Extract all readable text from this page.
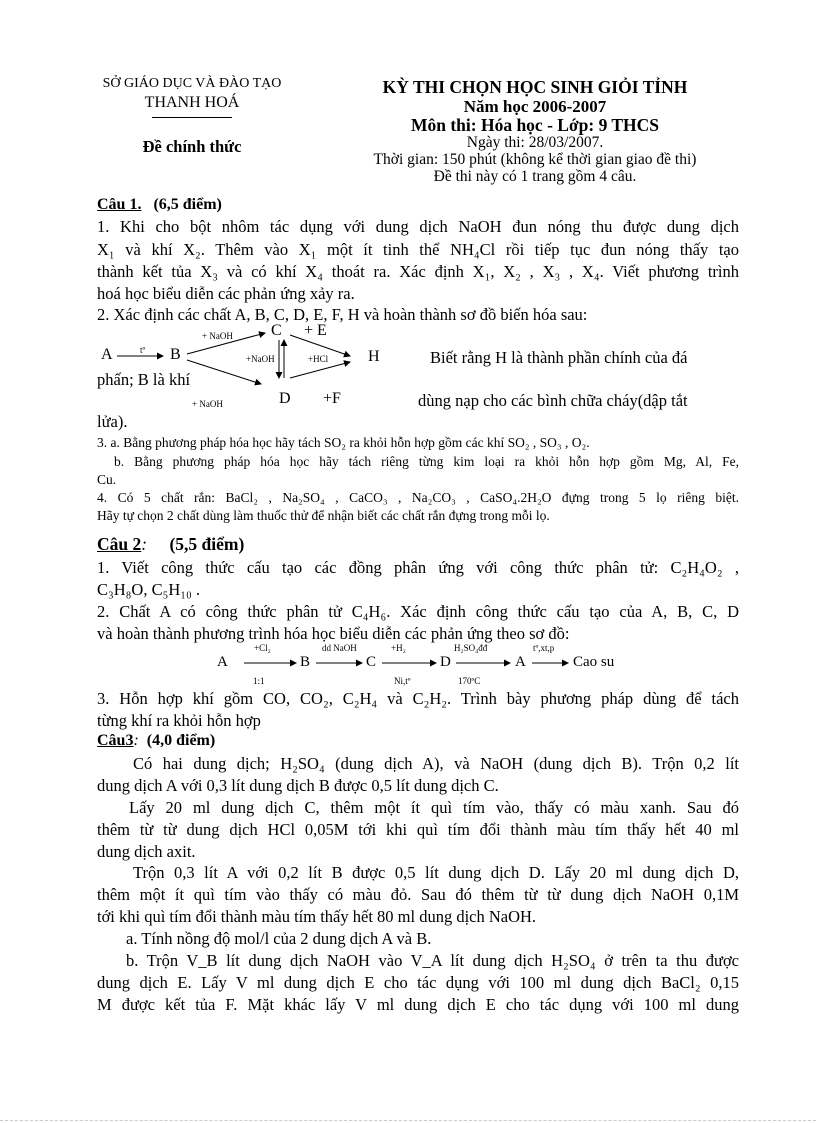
SỞ GIÁO DỤC VÀ ĐÀO TẠO
THANH HOÁ
Đề chính thức
KỲ THI CHỌN HỌC SINH GIỎI TỈNH
Năm học 2006-2007
Môn thi: Hóa học - Lớp: 9 THCS
Ngày thi: 28/03/2007.
Thời gian: 150 phút (không kể thời gian giao đề thi)
Đề thi này có 1 trang gồm 4 câu.
Câu 1. (6,5 điểm)
1. Khi cho bột nhôm tác dụng với dung dịch NaOH đun nóng thu được dung dịch
X₁ và khí X₂. Thêm vào X₁ một ít tinh thể NH₄Cl rồi tiếp tục đun nóng thấy tạo
thành kết tủa X₃ và có khí X₄ thoát ra. Xác định X₁, X₂ , X₃ , X₄. Viết phương trình
hoá học biểu diễn các phản ứng xảy ra.
2. Xác định các chất A, B, C, D, E, F, H và hoàn thành sơ đồ biến hóa sau:
A	B
C
D
H
+ E
+F
+ NaOH
+NaOH
+ NaOH
+HCl
tº	Biết rằng H là thành phần chính của đá
phấn; B là khí
dùng nạp cho các bình chữa cháy(dập tắt
lửa).
3. a. Bằng phương pháp hóa học hãy tách SO₂ ra khỏi hỗn hợp gồm các khí SO₂ , SO₃ , O₂.
b. Bằng phương pháp hóa học hãy tách riêng từng kim loại ra khỏi hỗn hợp gồm Mg, Al, Fe,
Cu.
4. Có 5 chất rắn: BaCl₂ , Na₂SO₄ , CaCO₃ , Na₂CO₃ , CaSO₄.2H₂O đựng trong 5 lọ riêng biệt.
Hãy tự chọn 2 chất dùng làm thuốc thử để nhận biết các chất rắn đựng trong mỗi lọ.
Câu 2: (5,5 điểm)
1. Viết công thức cấu tạo các đồng phân ứng với công thức phân tử: C₂H₄O₂ ,
C₃H₈O, C₅H₁₀ .
2. Chất A có công thức phân tử C₄H₆. Xác định công thức cấu tạo của A, B, C, D
và hoàn thành phương trình hóa học biểu diễn các phản ứng theo sơ đồ:
A	B	C	D	A	Cao su
+Cl₂
1:1
dd NaOH	+H₂
Ni,tº
H₂SO₄đđ
170ºC
tº,xt,p
3. Hỗn hợp khí gồm CO, CO₂, C₂H₄ và C₂H₂. Trình bày phương pháp dùng để tách
từng khí ra khỏi hỗn hợp
Câu3: (4,0 điểm)
Có hai dung dịch; H₂SO₄ (dung dịch A), và NaOH (dung dịch B). Trộn 0,2 lít
dung dịch A với 0,3 lít dung dịch B được 0,5 lít dung dịch C.
Lấy 20 ml dung dịch C, thêm một ít quì tím vào, thấy có màu xanh. Sau đó
thêm từ từ dung dịch HCl 0,05M tới khi quì tím đổi thành màu tím thấy hết 40 ml
dung dịch axit.
Trộn 0,3 lít A với 0,2 lít B được 0,5 lít dung dịch D. Lấy 20 ml dung dịch D,
thêm một ít quì tím vào thấy có màu đỏ. Sau đó thêm từ từ dung dịch NaOH 0,1M
tới khi quì tím đổi thành màu tím thấy hết 80 ml dung dịch NaOH.
a. Tính nồng độ mol/l của 2 dung dịch A và B.
b. Trộn V_B lít dung dịch NaOH vào V_A lít dung dịch H₂SO₄ ở trên ta thu được
dung dịch E. Lấy V ml dung dịch E cho tác dụng với 100 ml dung dịch BaCl₂ 0,15
M được kết tủa F. Mặt khác lấy V ml dung dịch E cho tác dụng với 100 ml dung
